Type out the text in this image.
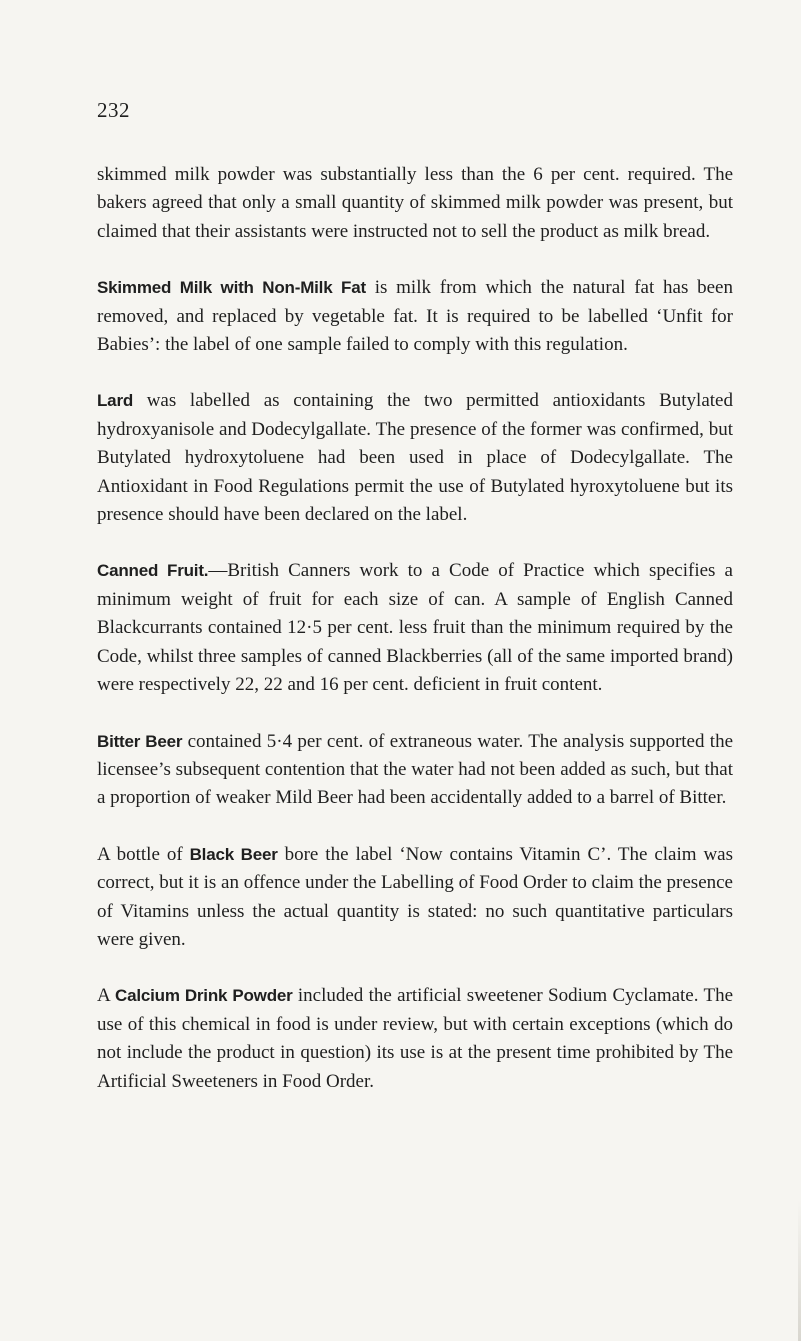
232

skimmed milk powder was substantially less than the 6 per cent. required. The bakers agreed that only a small quantity of skimmed milk powder was present, but claimed that their assistants were instructed not to sell the product as milk bread.

Skimmed Milk with Non-Milk Fat is milk from which the natural fat has been removed, and replaced by vegetable fat. It is required to be labelled ‘Unfit for Babies’: the label of one sample failed to comply with this regulation.

Lard was labelled as containing the two permitted antioxidants Butylated hydroxyanisole and Dodecylgallate. The presence of the former was confirmed, but Butylated hydroxytoluene had been used in place of Dodecylgallate. The Antioxidant in Food Regulations permit the use of Butylated hyroxytoluene but its presence should have been declared on the label.

Canned Fruit.—British Canners work to a Code of Practice which specifies a minimum weight of fruit for each size of can. A sample of English Canned Blackcurrants contained 12·5 per cent. less fruit than the minimum required by the Code, whilst three samples of canned Blackberries (all of the same imported brand) were respectively 22, 22 and 16 per cent. deficient in fruit content.

Bitter Beer contained 5·4 per cent. of extraneous water. The analysis supported the licensee’s subsequent contention that the water had not been added as such, but that a proportion of weaker Mild Beer had been accidentally added to a barrel of Bitter.

A bottle of Black Beer bore the label ‘Now contains Vitamin C’. The claim was correct, but it is an offence under the Labelling of Food Order to claim the presence of Vitamins unless the actual quantity is stated: no such quantitative particulars were given.

A Calcium Drink Powder included the artificial sweetener Sodium Cyclamate. The use of this chemical in food is under review, but with certain exceptions (which do not include the product in question) its use is at the present time prohibited by The Artificial Sweeteners in Food Order.
